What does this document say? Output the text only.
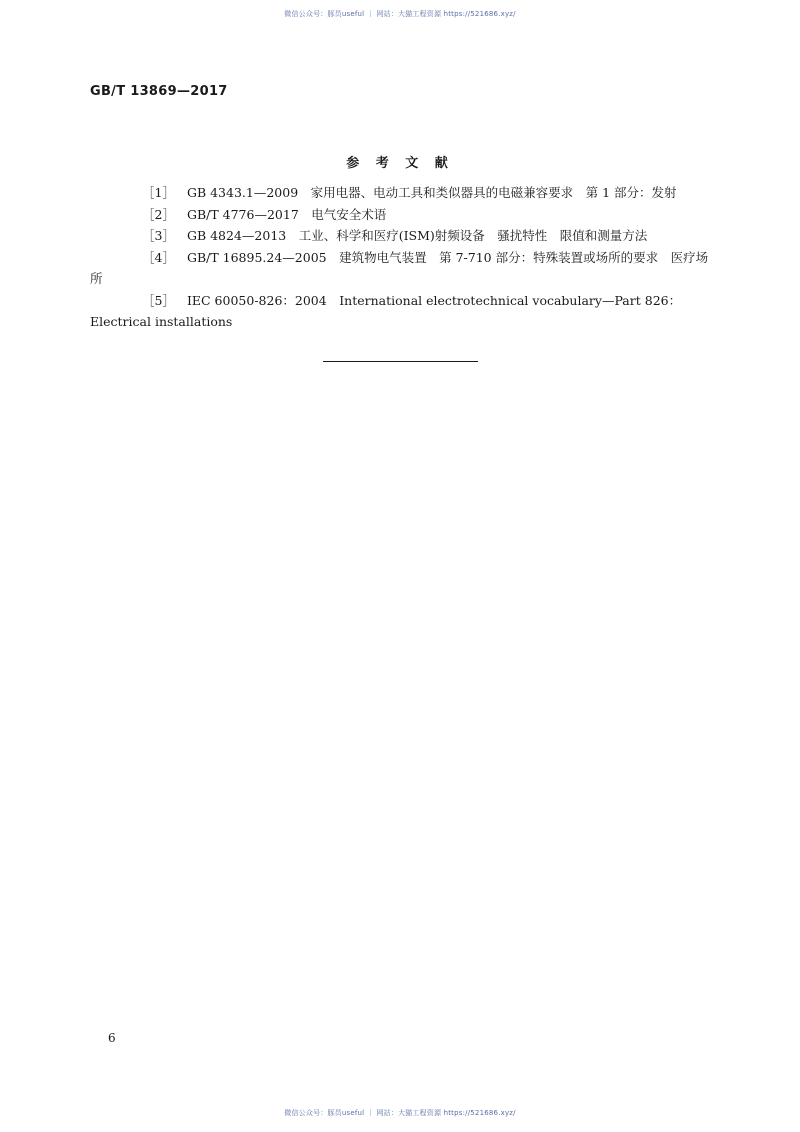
微信公众号：豚员useful ｜ 网站：大猫工程资源 https://521686.xyz/
GB/T 13869—2017
参 考 文 献

［1］ GB 4343.1—2009　家用电器、电动工具和类似器具的电磁兼容要求　第 1 部分：发射

［2］ GB/T 4776—2017　电气安全术语

［3］ GB 4824—2013　工业、科学和医疗(ISM)射频设备　骚扰特性　限值和测量方法

［4］ GB/T 16895.24—2005　建筑物电气装置　第 7-710 部分：特殊装置或场所的要求　医疗场所

［5］ IEC 60050-826：2004　International electrotechnical vocabulary—Part 826：Electrical installations

6
微信公众号：豚员useful ｜ 网站：大猫工程资源 https://521686.xyz/
